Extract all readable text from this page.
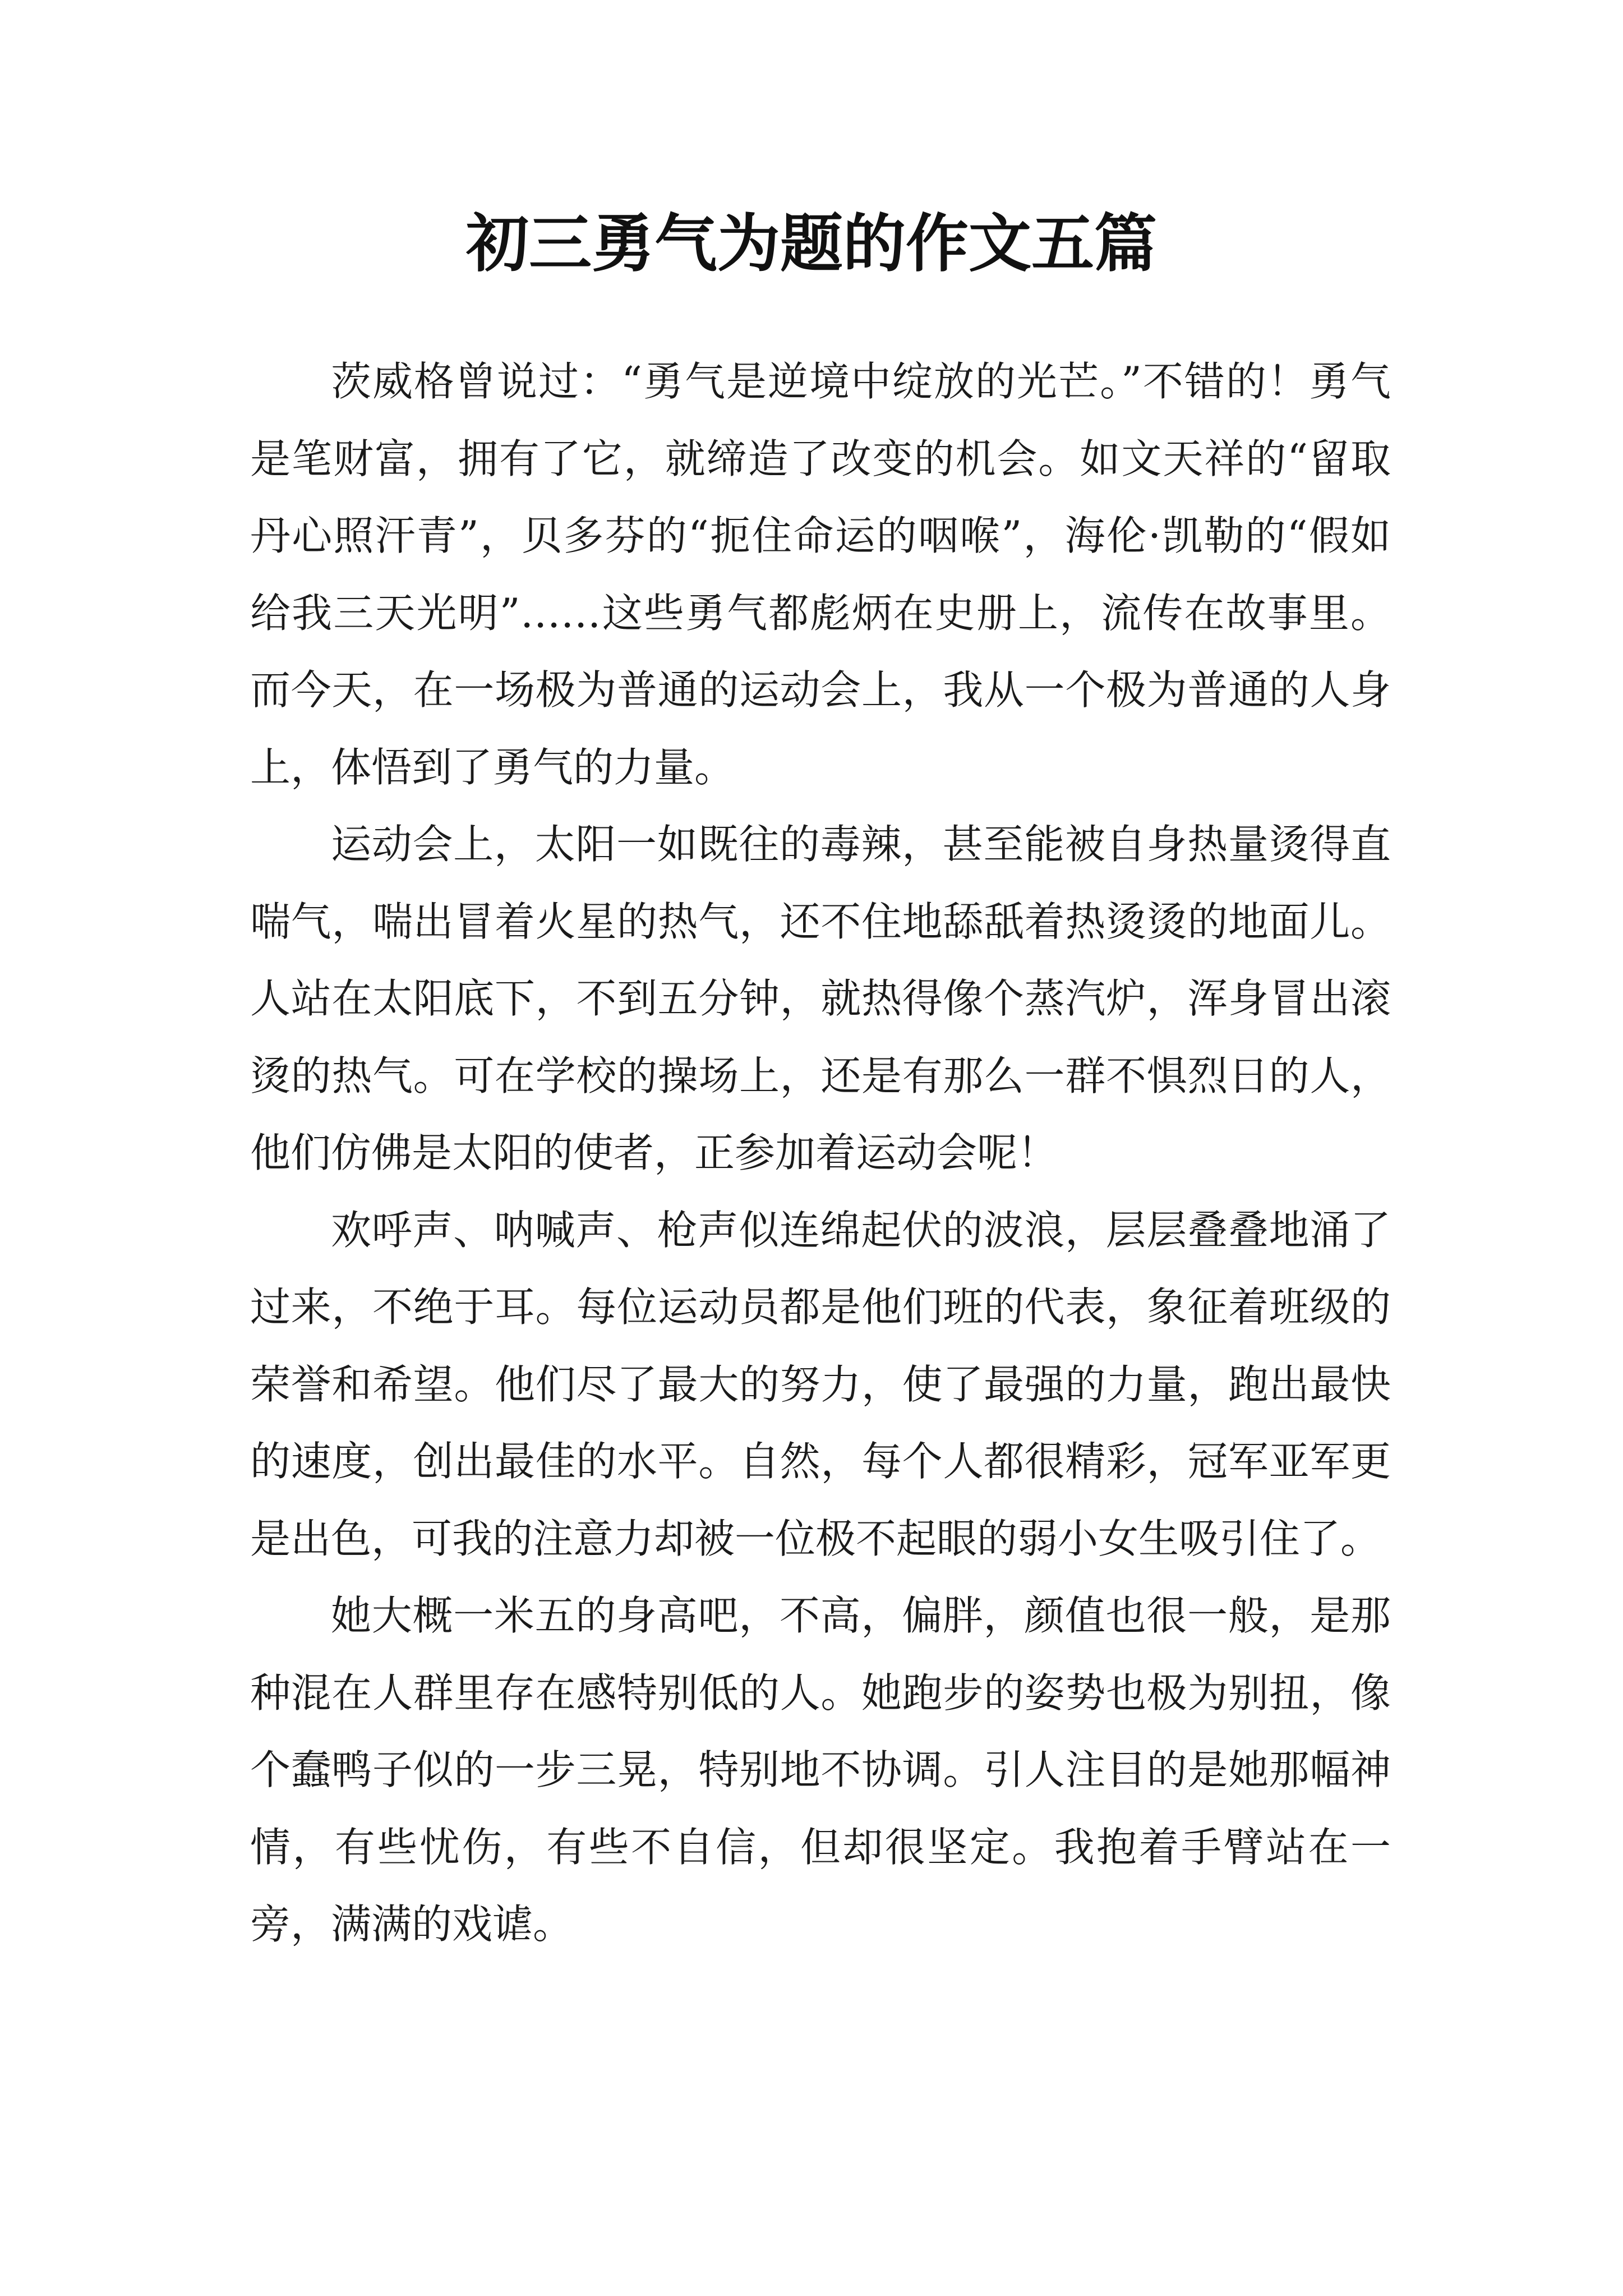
初三勇气为题的作文五篇

茨威格曾说过：“勇气是逆境中绽放的光芒。”不错的！勇气是笔财富，拥有了它，就缔造了改变的机会。如文天祥的“留取丹心照汗青”，贝多芬的“扼住命运的咽喉”，海伦·凯勒的“假如给我三天光明”……这些勇气都彪炳在史册上，流传在故事里。而今天，在一场极为普通的运动会上，我从一个极为普通的人身上，体悟到了勇气的力量。

运动会上，太阳一如既往的毒辣，甚至能被自身热量烫得直喘气，喘出冒着火星的热气，还不住地舔舐着热烫烫的地面儿。人站在太阳底下，不到五分钟，就热得像个蒸汽炉，浑身冒出滚烫的热气。可在学校的操场上，还是有那么一群不惧烈日的人，他们仿佛是太阳的使者，正参加着运动会呢！

欢呼声、呐喊声、枪声似连绵起伏的波浪，层层叠叠地涌了过来，不绝于耳。每位运动员都是他们班的代表，象征着班级的荣誉和希望。他们尽了最大的努力，使了最强的力量，跑出最快的速度，创出最佳的水平。自然，每个人都很精彩，冠军亚军更是出色，可我的注意力却被一位极不起眼的弱小女生吸引住了。

她大概一米五的身高吧，不高，偏胖，颜值也很一般，是那种混在人群里存在感特别低的人。她跑步的姿势也极为别扭，像个蠢鸭子似的一步三晃，特别地不协调。引人注目的是她那幅神情，有些忧伤，有些不自信，但却很坚定。我抱着手臂站在一旁，满满的戏谑。
